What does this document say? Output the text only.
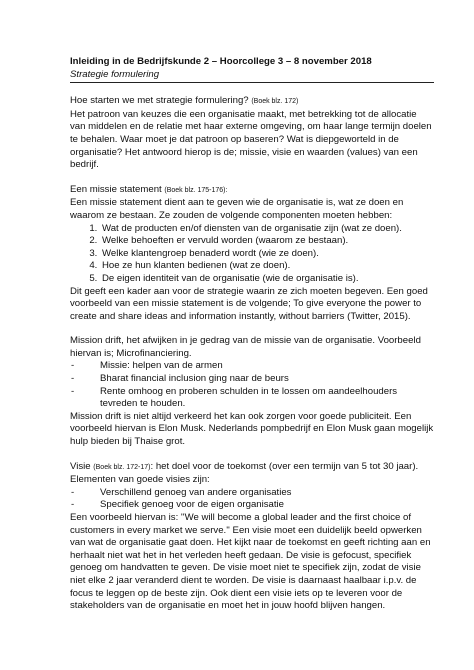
Inleiding in de Bedrijfskunde 2 – Hoorcollege 3 – 8 november 2018

Strategie formulering

Hoe starten we met strategie formulering? (Boek blz. 172)

Het patroon van keuzes die een organisatie maakt, met betrekking tot de allocatie van middelen en de relatie met haar externe omgeving, om haar lange termijn doelen te behalen. Waar moet je dat patroon op baseren? Wat is diepgeworteld in de organisatie? Het antwoord hierop is de; missie, visie en waarden (values) van een bedrijf.

Een missie statement (Boek blz. 175-176):

Een missie statement dient aan te geven wie de organisatie is, wat ze doen en waarom ze bestaan. Ze zouden de volgende componenten moeten hebben:

1. Wat de producten en/of diensten van de organisatie zijn (wat ze doen).
2. Welke behoeften er vervuld worden (waarom ze bestaan).
3. Welke klantengroep benaderd wordt (wie ze doen).
4. Hoe ze hun klanten bedienen (wat ze doen).
5. De eigen identiteit van de organisatie (wie de organisatie is).

Dit geeft een kader aan voor de strategie waarin ze zich moeten begeven. Een goed voorbeeld van een missie statement is de volgende; To give everyone the power to create and share ideas and information instantly, without barriers (Twitter, 2015).

Mission drift, het afwijken in je gedrag van de missie van de organisatie. Voorbeeld hiervan is; Microfinanciering.

- Missie: helpen van de armen
- Bharat financial inclusion ging naar de beurs
- Rente omhoog en proberen schulden in te lossen om aandeelhouders tevreden te houden.

Mission drift is niet altijd verkeerd het kan ook zorgen voor goede publiciteit. Een voorbeeld hiervan is Elon Musk. Nederlands pompbedrijf en Elon Musk gaan mogelijk hulp bieden bij Thaise grot.

Visie (Boek blz. 172-17): het doel voor de toekomst (over een termijn van 5 tot 30 jaar).

Elementen van goede visies zijn:

- Verschillend genoeg van andere organisaties
- Specifiek genoeg voor de eigen organisatie

Een voorbeeld hiervan is: ''We will become a global leader and the first choice of customers in every market we serve.'' Een visie moet een duidelijk beeld opwerken van wat de organisatie gaat doen. Het kijkt naar de toekomst en geeft richting aan en herhaalt niet wat het in het verleden heeft gedaan. De visie is gefocust, specifiek genoeg om handvatten te geven. De visie moet niet te specifiek zijn, zodat de visie niet elke 2 jaar veranderd dient te worden. De visie is daarnaast haalbaar i.p.v. de focus te leggen op de beste zijn. Ook dient een visie iets op te leveren voor de stakeholders van de organisatie en moet het in jouw hoofd blijven hangen.
